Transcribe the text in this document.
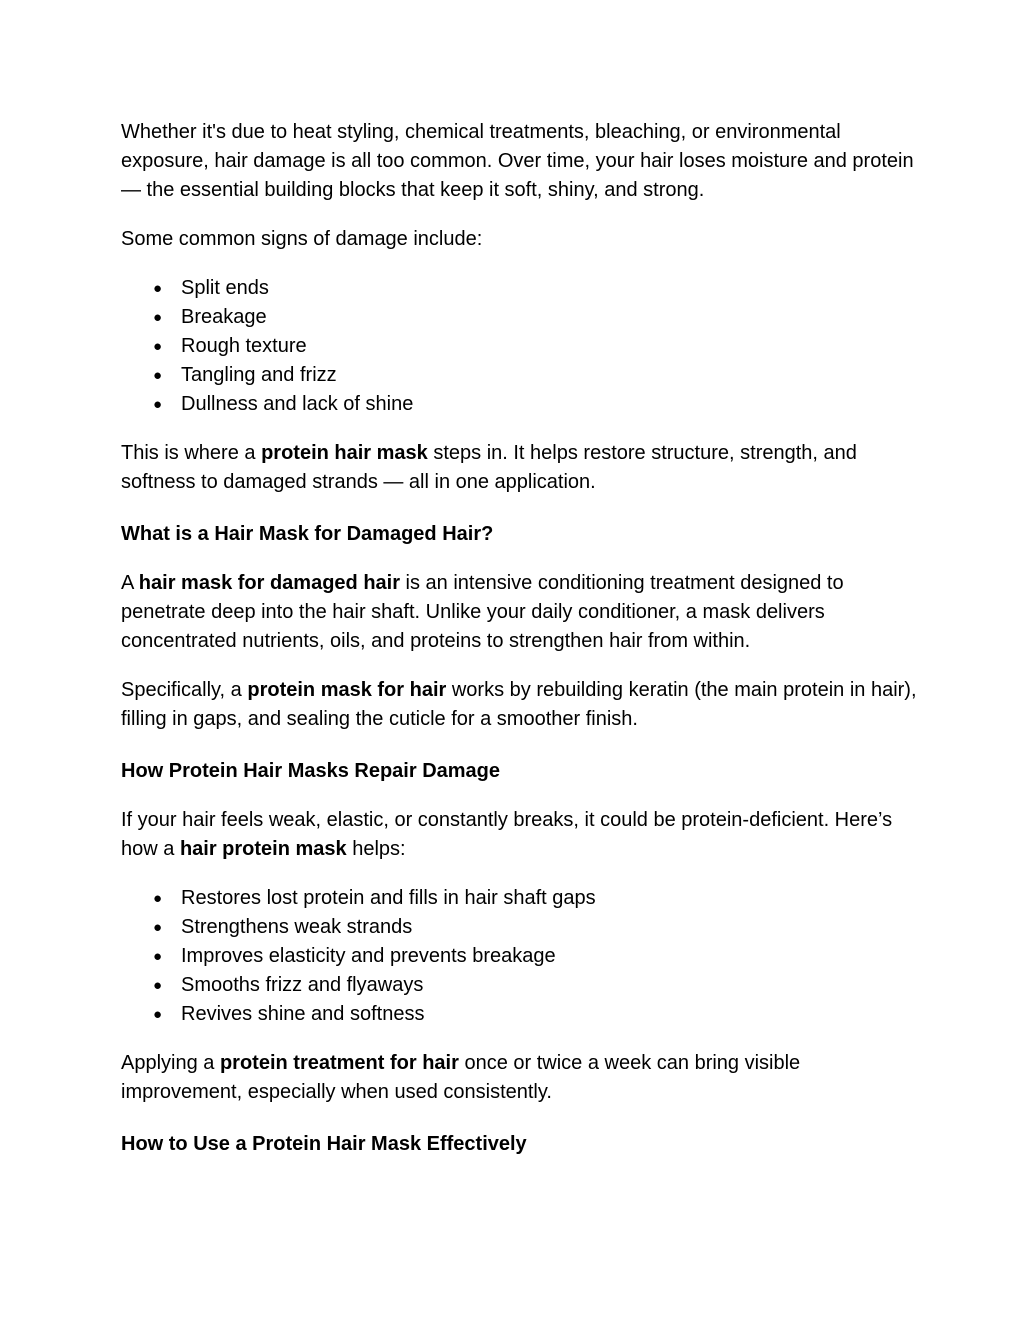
Whether it's due to heat styling, chemical treatments, bleaching, or environmental exposure, hair damage is all too common. Over time, your hair loses moisture and protein — the essential building blocks that keep it soft, shiny, and strong.

Some common signs of damage include:

● Split ends
● Breakage
● Rough texture
● Tangling and frizz
● Dullness and lack of shine

This is where a protein hair mask steps in. It helps restore structure, strength, and softness to damaged strands — all in one application.

What is a Hair Mask for Damaged Hair?

A hair mask for damaged hair is an intensive conditioning treatment designed to penetrate deep into the hair shaft. Unlike your daily conditioner, a mask delivers concentrated nutrients, oils, and proteins to strengthen hair from within.

Specifically, a protein mask for hair works by rebuilding keratin (the main protein in hair), filling in gaps, and sealing the cuticle for a smoother finish.

How Protein Hair Masks Repair Damage

If your hair feels weak, elastic, or constantly breaks, it could be protein-deficient. Here’s how a hair protein mask helps:

● Restores lost protein and fills in hair shaft gaps
● Strengthens weak strands
● Improves elasticity and prevents breakage
● Smooths frizz and flyaways
● Revives shine and softness

Applying a protein treatment for hair once or twice a week can bring visible improvement, especially when used consistently.

How to Use a Protein Hair Mask Effectively
